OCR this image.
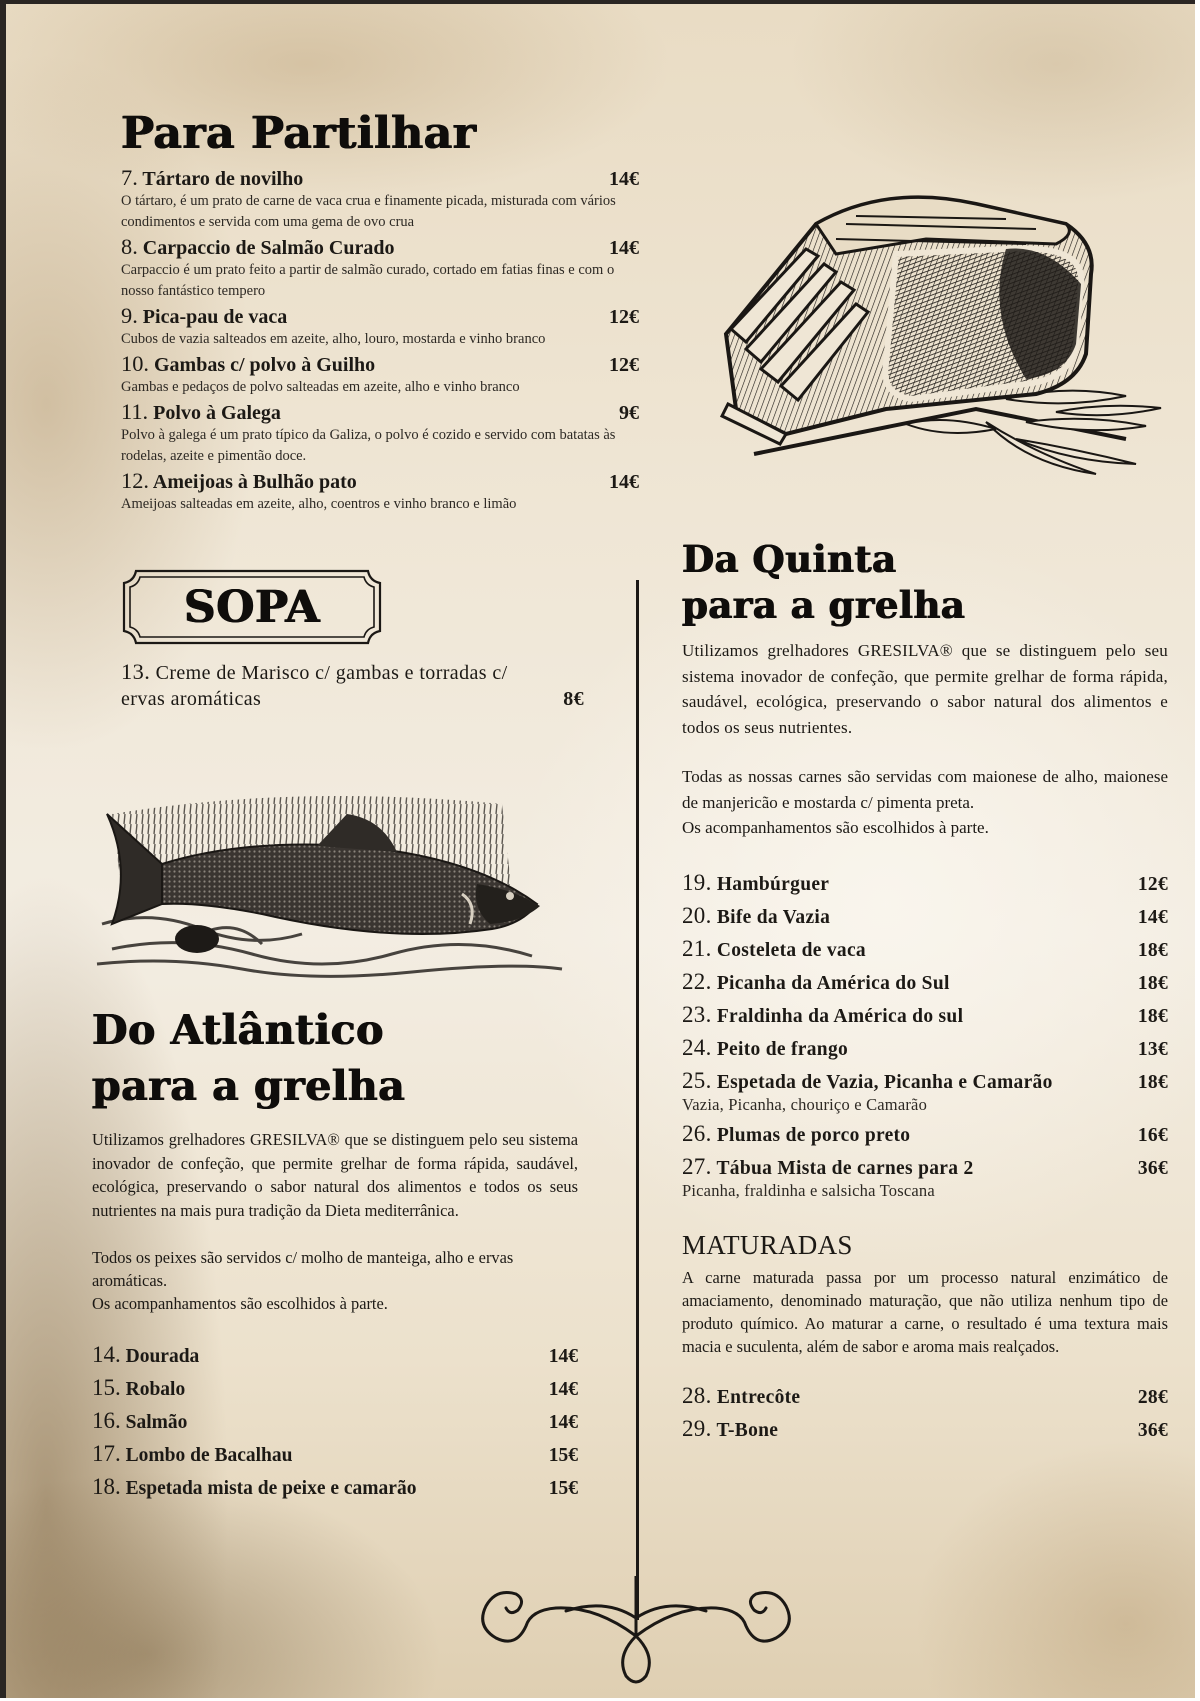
Para Partilhar
7. Tártaro de novilho	14€
O tártaro, é um prato de carne de vaca crua e finamente picada, misturada com vários condimentos e servida com uma gema de ovo crua
8. Carpaccio de Salmão Curado	14€
Carpaccio é um prato feito a partir de salmão curado, cortado em fatias finas e com o nosso fantástico tempero
9. Pica-pau de vaca	12€
Cubos de vazia salteados em azeite, alho, louro, mostarda e vinho branco
10. Gambas c/ polvo à Guilho	12€
Gambas e pedaços de polvo salteadas em azeite, alho e vinho branco
11. Polvo à Galega	9€
Polvo à galega é um prato típico da Galiza, o polvo é cozido e servido com batatas às rodelas, azeite e pimentão doce.
12. Ameijoas à Bulhão pato	14€
Ameijoas salteadas em azeite, alho, coentros e vinho branco e limão
SOPA
13. Creme de Marisco c/ gambas e torradas c/
ervas aromáticas	8€
Do Atlântico
para a grelha

Utilizamos grelhadores GRESILVA® que se distinguem pelo seu sistema inovador de confeção, que permite grelhar de forma rápida, saudável, ecológica, preservando o sabor natural dos alimentos e todos os seus nutrientes na mais pura tradição da Dieta mediterrânica.

Todos os peixes são servidos c/ molho de manteiga, alho e ervas aromáticas.
Os acompanhamentos são escolhidos à parte.
14. Dourada	14€
15. Robalo	14€
16. Salmão	14€
17. Lombo de Bacalhau	15€
18. Espetada mista de peixe e camarão	15€
Da Quinta
para a grelha

Utilizamos grelhadores GRESILVA® que se distinguem pelo seu sistema inovador de confeção, que permite grelhar de forma rápida, saudável, ecológica, preservando o sabor natural dos alimentos e todos os seus nutrientes.

Todas as nossas carnes são servidas com maionese de alho, maionese de manjericão e mostarda c/ pimenta preta.
Os acompanhamentos são escolhidos à parte.
19. Hambúrguer	12€
20. Bife da Vazia	14€
21. Costeleta de vaca	18€
22. Picanha da América do Sul	18€
23. Fraldinha da América do sul	18€
24. Peito de frango	13€
25. Espetada de Vazia, Picanha e Camarão	18€
Vazia, Picanha, chouriço e Camarão
26. Plumas de porco preto	16€
27. Tábua Mista de carnes para 2	36€
Picanha, fraldinha e salsicha Toscana
MATURADAS

A carne maturada passa por um processo natural enzimático de amaciamento, denominado maturação, que não utiliza nenhum tipo de produto químico. Ao maturar a carne, o resultado é uma textura mais macia e suculenta, além de sabor e aroma mais realçados.

28. Entrecôte	28€
29. T-Bone	36€
